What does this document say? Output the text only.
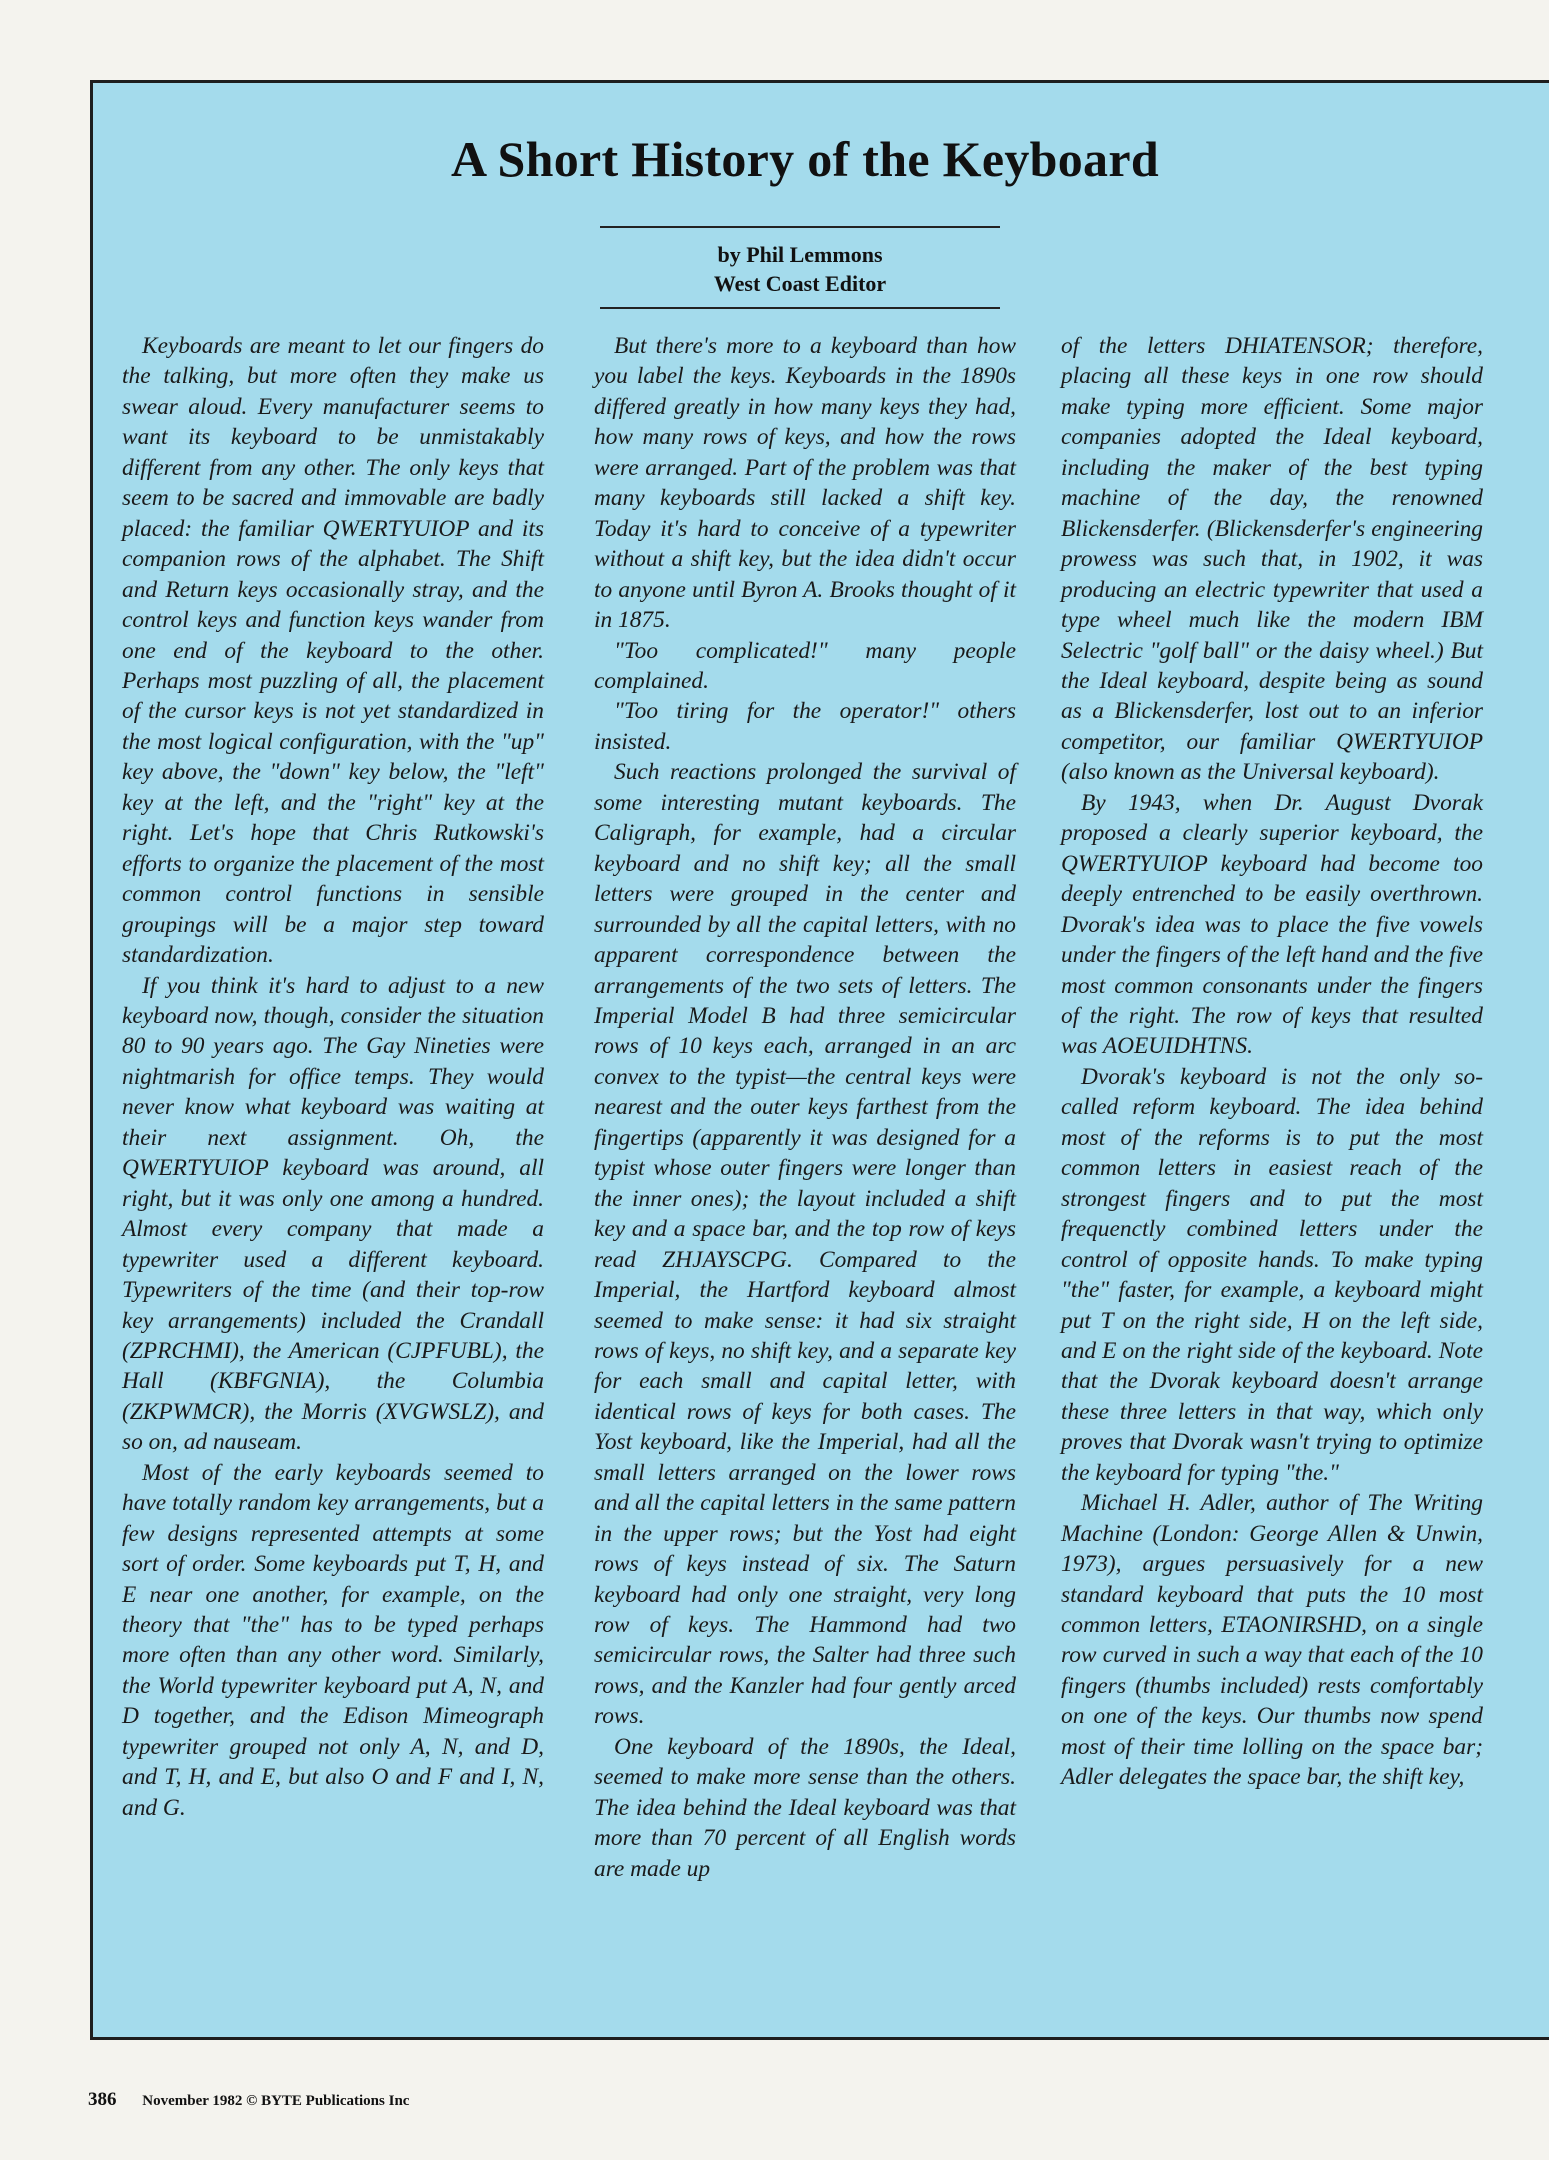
A Short History of the Keyboard
by Phil Lemmons
West Coast Editor

Keyboards are meant to let our fingers do the talking, but more often they make us swear aloud. Every manufacturer seems to want its keyboard to be unmistakably different from any other. The only keys that seem to be sacred and immovable are badly placed: the familiar QWERTYUIOP and its companion rows of the alphabet. The Shift and Return keys occasionally stray, and the control keys and function keys wander from one end of the keyboard to the other. Perhaps most puzzling of all, the placement of the cursor keys is not yet standardized in the most logical configuration, with the "up" key above, the "down" key below, the "left" key at the left, and the "right" key at the right. Let's hope that Chris Rutkowski's efforts to organize the placement of the most common control functions in sensible groupings will be a major step toward standardization.

If you think it's hard to adjust to a new keyboard now, though, consider the situation 80 to 90 years ago. The Gay Nineties were nightmarish for office temps. They would never know what keyboard was waiting at their next assignment. Oh, the QWERTYUIOP keyboard was around, all right, but it was only one among a hundred. Almost every company that made a typewriter used a different keyboard. Typewriters of the time (and their top-row key arrangements) included the Crandall (ZPRCHMI), the American (CJPFUBL), the Hall (KBFGNIA), the Columbia (ZKPWMCR), the Morris (XVGWSLZ), and so on, ad nauseam.

Most of the early keyboards seemed to have totally random key arrangements, but a few designs represented attempts at some sort of order. Some keyboards put T, H, and E near one another, for example, on the theory that "the" has to be typed perhaps more often than any other word. Similarly, the World typewriter keyboard put A, N, and D together, and the Edison Mimeograph typewriter grouped not only A, N, and D, and T, H, and E, but also O and F and I, N, and G.

But there's more to a keyboard than how you label the keys. Keyboards in the 1890s differed greatly in how many keys they had, how many rows of keys, and how the rows were arranged. Part of the problem was that many keyboards still lacked a shift key. Today it's hard to conceive of a typewriter without a shift key, but the idea didn't occur to anyone until Byron A. Brooks thought of it in 1875.

"Too complicated!" many people complained.

"Too tiring for the operator!" others insisted.

Such reactions prolonged the survival of some interesting mutant keyboards. The Caligraph, for example, had a circular keyboard and no shift key; all the small letters were grouped in the center and surrounded by all the capital letters, with no apparent correspondence between the arrangements of the two sets of letters. The Imperial Model B had three semicircular rows of 10 keys each, arranged in an arc convex to the typist—the central keys were nearest and the outer keys farthest from the fingertips (apparently it was designed for a typist whose outer fingers were longer than the inner ones); the layout included a shift key and a space bar, and the top row of keys read ZHJAYSCPG. Compared to the Imperial, the Hartford keyboard almost seemed to make sense: it had six straight rows of keys, no shift key, and a separate key for each small and capital letter, with identical rows of keys for both cases. The Yost keyboard, like the Imperial, had all the small letters arranged on the lower rows and all the capital letters in the same pattern in the upper rows; but the Yost had eight rows of keys instead of six. The Saturn keyboard had only one straight, very long row of keys. The Hammond had two semicircular rows, the Salter had three such rows, and the Kanzler had four gently arced rows.

One keyboard of the 1890s, the Ideal, seemed to make more sense than the others. The idea behind the Ideal keyboard was that more than 70 percent of all English words are made up

of the letters DHIATENSOR; therefore, placing all these keys in one row should make typing more efficient. Some major companies adopted the Ideal keyboard, including the maker of the best typing machine of the day, the renowned Blickensderfer. (Blickensderfer's engineering prowess was such that, in 1902, it was producing an electric typewriter that used a type wheel much like the modern IBM Selectric "golf ball" or the daisy wheel.) But the Ideal keyboard, despite being as sound as a Blickensderfer, lost out to an inferior competitor, our familiar QWERTYUIOP (also known as the Universal keyboard).

By 1943, when Dr. August Dvorak proposed a clearly superior keyboard, the QWERTYUIOP keyboard had become too deeply entrenched to be easily overthrown. Dvorak's idea was to place the five vowels under the fingers of the left hand and the five most common consonants under the fingers of the right. The row of keys that resulted was AOEUIDHTNS.

Dvorak's keyboard is not the only so-called reform keyboard. The idea behind most of the reforms is to put the most common letters in easiest reach of the strongest fingers and to put the most frequenctly combined letters under the control of opposite hands. To make typing "the" faster, for example, a keyboard might put T on the right side, H on the left side, and E on the right side of the keyboard. Note that the Dvorak keyboard doesn't arrange these three letters in that way, which only proves that Dvorak wasn't trying to optimize the keyboard for typing "the."

Michael H. Adler, author of The Writing Machine (London: George Allen & Unwin, 1973), argues persuasively for a new standard keyboard that puts the 10 most common letters, ETAONIRSHD, on a single row curved in such a way that each of the 10 fingers (thumbs included) rests comfortably on one of the keys. Our thumbs now spend most of their time lolling on the space bar; Adler delegates the space bar, the shift key,

386 November 1982 © BYTE Publications Inc
